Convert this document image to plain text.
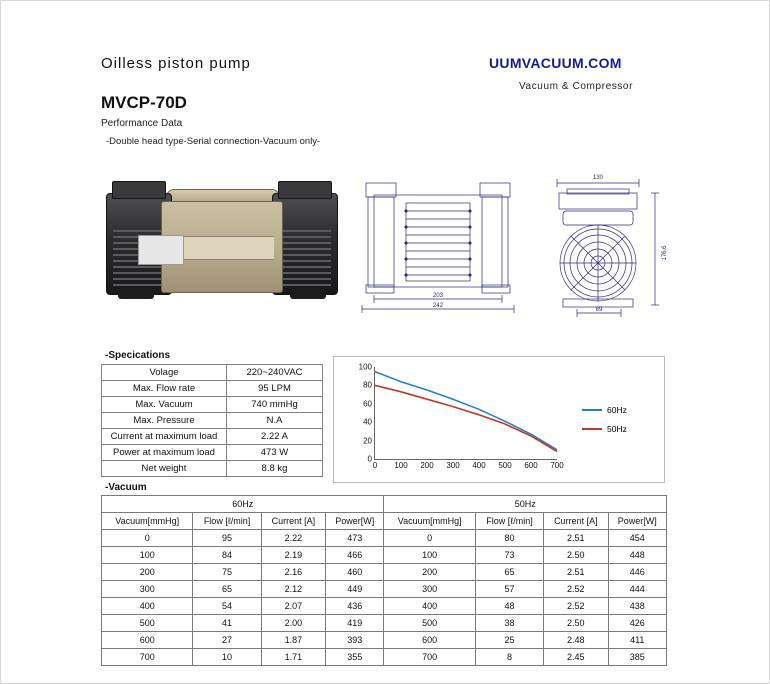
Oilless piston pump	UUMVACUUM.COM
Vacuum & Compressor
MVCP-70D
Performance Data
-Double head type-Serial connection-Vacuum only-
203
242
130
176.6
89
-Specications
Volage	220~240VAC
Max. Flow rate	95 LPM
Max. Vacuum	740 mmHg
Max. Pressure	N.A
Current at maximum load	2.22 A
Power at maximum load	473 W
Net weight	8.8 kg
0
20
40
60
80
100
0 100 200 300 400 500 600 700
60Hz
50Hz
-Vacuum
60Hz				50Hz			
Vacuum[mmHg]	Flow [ℓ/min]	Current [A]	Power[W]	Vacuum[mmHg]	Flow [ℓ/min]	Current [A]	Power[W]
0	95	2.22	473	0	80	2.51	454
100	84	2.19	466	100	73	2.50	448
200	75	2.16	460	200	65	2.51	446
300	65	2.12	449	300	57	2.52	444
400	54	2.07	436	400	48	2.52	438
500	41	2.00	419	500	38	2.50	426
600	27	1.87	393	600	25	2.48	411
700	10	1.71	355	700	8	2.45	385
